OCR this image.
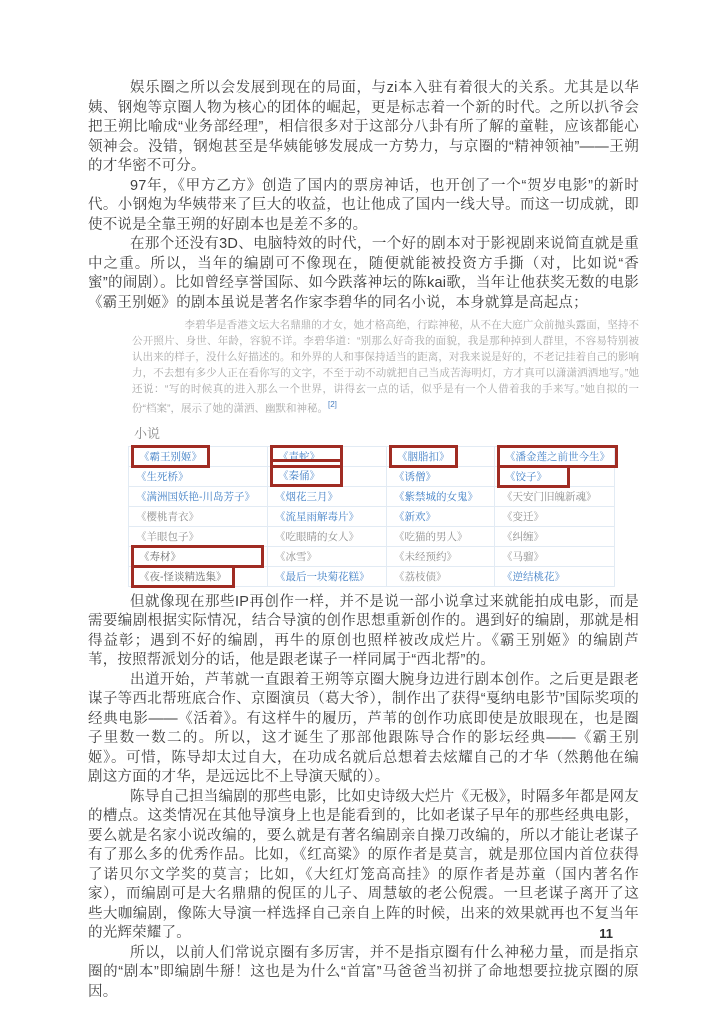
娱乐圈之所以会发展到现在的局面，与zi本入驻有着很大的关系。尤其是以华姨、钢炮等京圈人物为核心的团体的崛起，更是标志着一个新的时代。之所以扒爷会把王朔比喻成“业务部经理”，相信很多对于这部分八卦有所了解的童鞋，应该都能心领神会。没错，钢炮甚至是华姨能够发展成一方势力，与京圈的“精神领袖”——王朔的才华密不可分。

97年，《甲方乙方》创造了国内的票房神话，也开创了一个“贺岁电影”的新时代。小钢炮为华姨带来了巨大的收益，也让他成了国内一线大导。而这一切成就，即使不说是全靠王朔的好剧本也是差不多的。

在那个还没有3D、电脑特效的时代，一个好的剧本对于影视剧来说简直就是重中之重。所以，当年的编剧可不像现在，随便就能被投资方手撕（对，比如说“香蜜”的闹剧）。比如曾经享誉国际、如今跌落神坛的陈kai歌，当年让他获奖无数的电影《霸王别姬》的剧本虽说是著名作家李碧华的同名小说，本身就算是高起点；

李碧华是香港文坛大名鼎鼎的才女，她才格高绝，行踪神秘，从不在大庭广众前抛头露面，坚持不公开照片、身世、年龄，容貌不详。李碧华道：“别那么好奇我的面貌，我是那种掉到人群里，不容易特别被认出来的样子，没什么好描述的。和外界的人和事保持适当的距离，对我来说是好的，不老记挂着自己的影响力，不去想有多少人正在看你写的文字，不至于动不动就把自己当成苦海明灯，方才真可以潇潇洒洒地写。”她还说：“写的时候真的进入那么一个世界，讲得玄一点的话，似乎是有一个人借着我的手来写。”她自拟的一份“档案”，展示了她的潇洒、幽默和神秘。[2]
小说
《霸王别姬》	《青蛇》	《胭脂扣》	《潘金莲之前世今生》
《生死桥》	《秦俑》	《诱僧》	《饺子》
《满洲国妖艳-川岛芳子》	《烟花三月》	《紫禁城的女鬼》	《天安门旧魄新魂》
《樱桃青衣》	《流星雨解毒片》	《新欢》	《变迁》
《羊眼包子》	《吃眼睛的女人》	《吃猫的男人》	《纠缠》
《寿材》	《冰雪》	《未经预约》	《马骝》
《夜-怪谈精选集》	《最后一块菊花糕》	《荔枝债》	《逆结桃花》

但就像现在那些IP再创作一样，并不是说一部小说拿过来就能拍成电影，而是需要编剧根据实际情况，结合导演的创作思想重新创作的。遇到好的编剧，那就是相得益彰；遇到不好的编剧，再牛的原创也照样被改成烂片。《霸王别姬》的编剧芦苇，按照帮派划分的话，他是跟老谋子一样同属于“西北帮”的。

出道开始，芦苇就一直跟着王朔等京圈大腕身边进行剧本创作。之后更是跟老谋子等西北帮班底合作、京圈演员（葛大爷），制作出了获得“戛纳电影节”国际奖项的经典电影——《活着》。有这样牛的履历，芦苇的创作功底即使是放眼现在，也是圈子里数一数二的。所以，这才诞生了那部他跟陈导合作的影坛经典——《霸王别姬》。可惜，陈导却太过自大，在功成名就后总想着去炫耀自己的才华（然鹅他在编剧这方面的才华，是远远比不上导演天赋的）。

陈导自己担当编剧的那些电影，比如史诗级大烂片《无极》，时隔多年都是网友的槽点。这类情况在其他导演身上也是能看到的，比如老谋子早年的那些经典电影，要么就是名家小说改编的，要么就是有著名编剧亲自操刀改编的，所以才能让老谋子有了那么多的优秀作品。比如，《红高粱》的原作者是莫言，就是那位国内首位获得了诺贝尔文学奖的莫言；比如，《大红灯笼高高挂》的原作者是苏童（国内著名作家），而编剧可是大名鼎鼎的倪匡的儿子、周慧敏的老公倪震。一旦老谋子离开了这些大咖编剧，像陈大导演一样选择自己亲自上阵的时候，出来的效果就再也不复当年的光辉荣耀了。

所以，以前人们常说京圈有多厉害，并不是指京圈有什么神秘力量，而是指京圈的“剧本”即编剧牛掰！这也是为什么“首富”马爸爸当初拼了命地想要拉拢京圈的原因。

11
